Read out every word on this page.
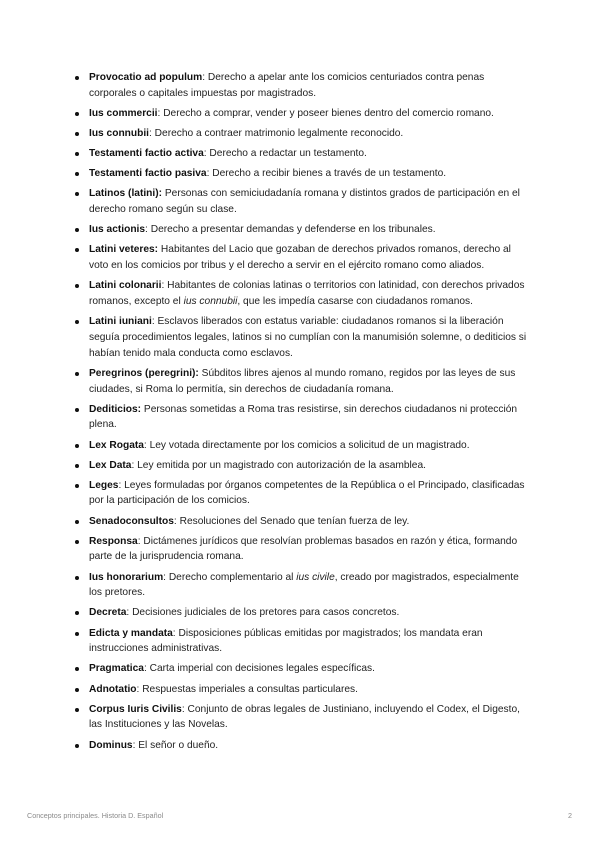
Provocatio ad populum: Derecho a apelar ante los comicios centuriados contra penas corporales o capitales impuestas por magistrados.
Ius commercii: Derecho a comprar, vender y poseer bienes dentro del comercio romano.
Ius connubii: Derecho a contraer matrimonio legalmente reconocido.
Testamenti factio activa: Derecho a redactar un testamento.
Testamenti factio pasiva: Derecho a recibir bienes a través de un testamento.
Latinos (latini): Personas con semiciudadanía romana y distintos grados de participación en el derecho romano según su clase.
Ius actionis: Derecho a presentar demandas y defenderse en los tribunales.
Latini veteres: Habitantes del Lacio que gozaban de derechos privados romanos, derecho al voto en los comicios por tribus y el derecho a servir en el ejército romano como aliados.
Latini colonarii: Habitantes de colonias latinas o territorios con latinidad, con derechos privados romanos, excepto el ius connubii, que les impedía casarse con ciudadanos romanos.
Latini iuniani: Esclavos liberados con estatus variable: ciudadanos romanos si la liberación seguía procedimientos legales, latinos si no cumplían con la manumisión solemne, o dediticios si habían tenido mala conducta como esclavos.
Peregrinos (peregrini): Súbditos libres ajenos al mundo romano, regidos por las leyes de sus ciudades, si Roma lo permitía, sin derechos de ciudadanía romana.
Dediticios: Personas sometidas a Roma tras resistirse, sin derechos ciudadanos ni protección plena.
Lex Rogata: Ley votada directamente por los comicios a solicitud de un magistrado.
Lex Data: Ley emitida por un magistrado con autorización de la asamblea.
Leges: Leyes formuladas por órganos competentes de la República o el Principado, clasificadas por la participación de los comicios.
Senadoconsultos: Resoluciones del Senado que tenían fuerza de ley.
Responsa: Dictámenes jurídicos que resolvían problemas basados en razón y ética, formando parte de la jurisprudencia romana.
Ius honorarium: Derecho complementario al ius civile, creado por magistrados, especialmente los pretores.
Decreta: Decisiones judiciales de los pretores para casos concretos.
Edicta y mandata: Disposiciones públicas emitidas por magistrados; los mandata eran instrucciones administrativas.
Pragmatica: Carta imperial con decisiones legales específicas.
Adnotatio: Respuestas imperiales a consultas particulares.
Corpus Iuris Civilis: Conjunto de obras legales de Justiniano, incluyendo el Codex, el Digesto, las Instituciones y las Novelas.
Dominus: El señor o dueño.
Conceptos principales. Historia D. Español	2
